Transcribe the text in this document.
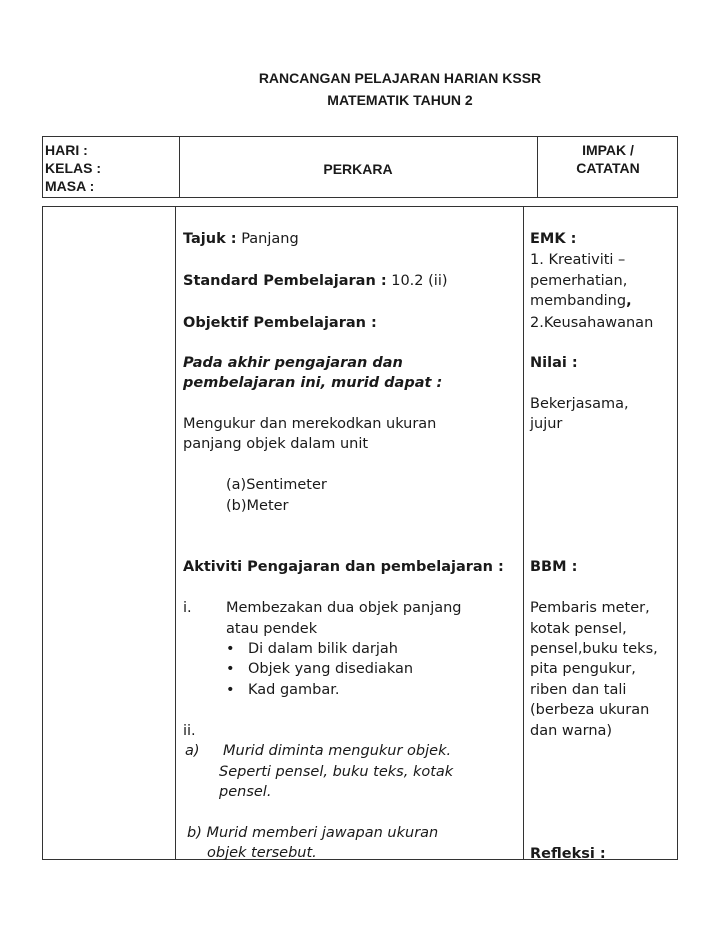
RANCANGAN PELAJARAN HARIAN KSSR
MATEMATIK TAHUN 2
HARI :
KELAS :
MASA :
PERKARA
IMPAK /
CATATAN
Tajuk : Panjang
Standard Pembelajaran : 10.2 (ii)
Objektif Pembelajaran :
Pada akhir pengajaran dan
pembelajaran ini, murid dapat :
Mengukur dan merekodkan ukuran
panjang objek dalam unit
(a)Sentimeter
(b)Meter
Aktiviti Pengajaran dan pembelajaran :
i. Membezakan dua objek panjang
atau pendek
• Di dalam bilik darjah
• Objek yang disediakan
• Kad gambar.
ii.
a) Murid diminta mengukur objek.
Seperti pensel, buku teks, kotak
pensel.
b) Murid memberi jawapan ukuran
objek tersebut.
EMK :
1. Kreativiti –
pemerhatian,
membanding,
2.Keusahawanan
Nilai :
Bekerjasama,
jujur
BBM :
Pembaris meter,
kotak pensel,
pensel,buku teks,
pita pengukur,
riben dan tali
(berbeza ukuran
dan warna)
Refleksi :
